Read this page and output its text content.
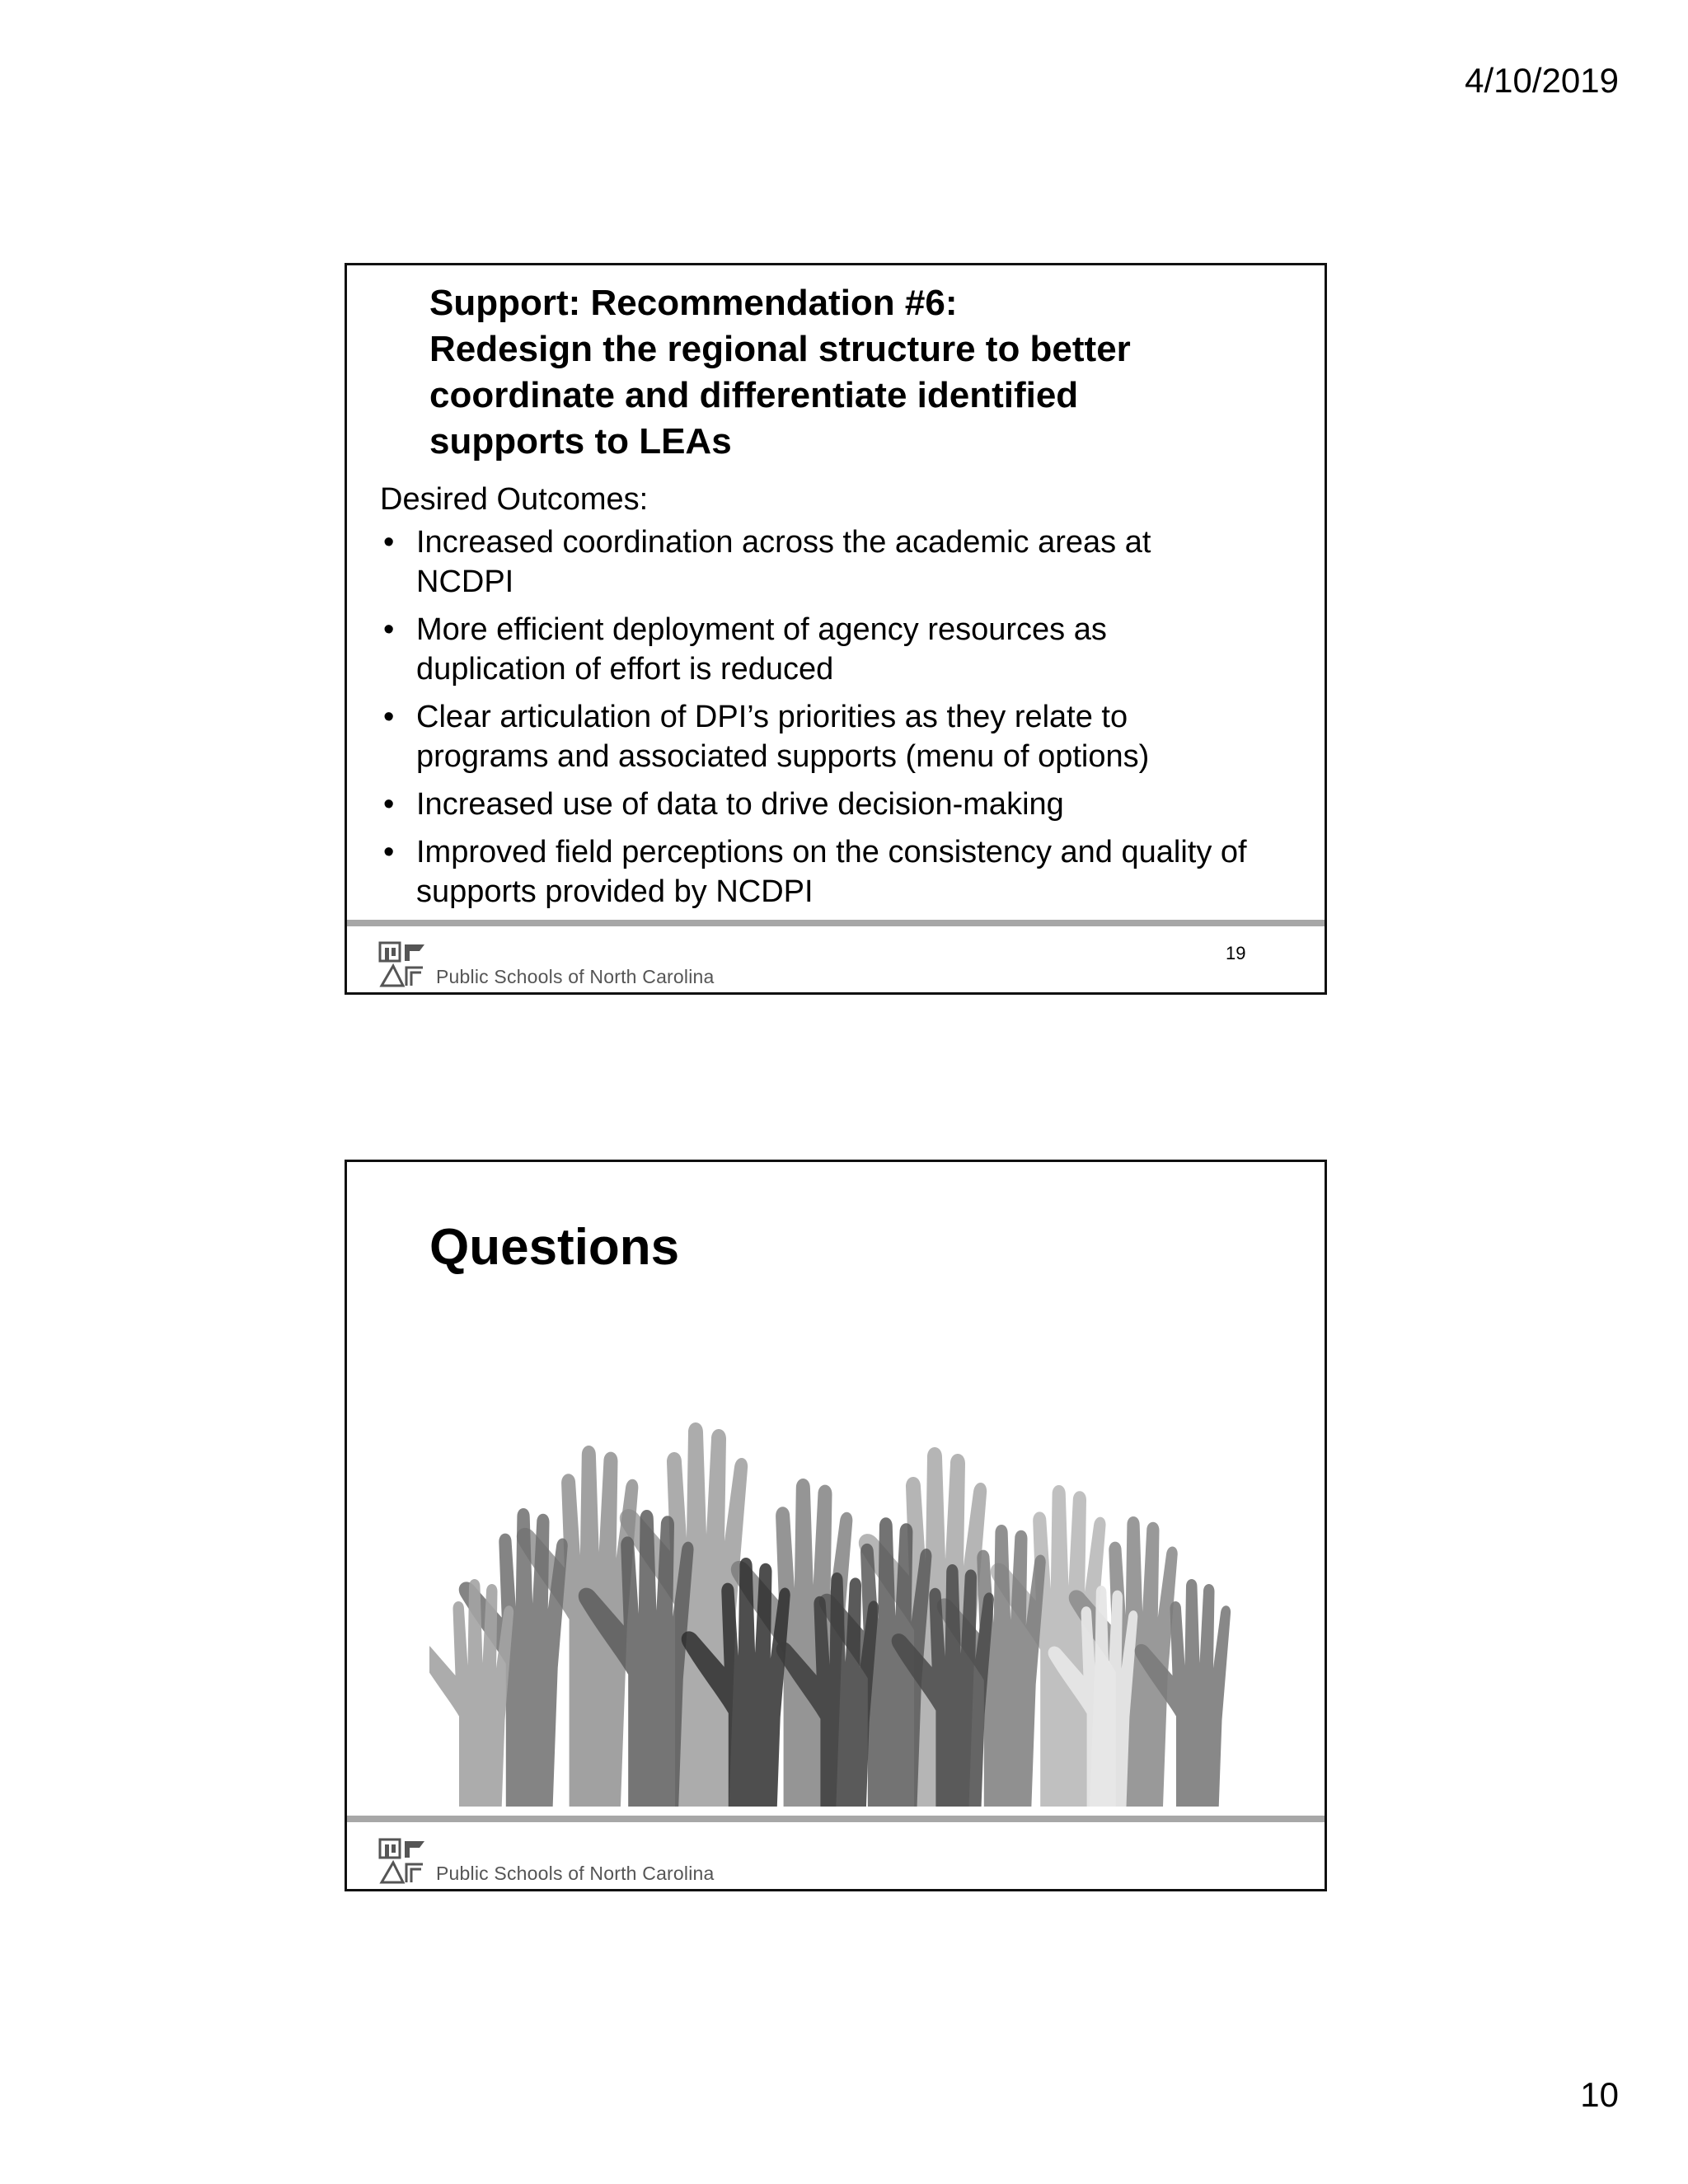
4/10/2019
Support: Recommendation #6:
Redesign the regional structure to better
coordinate and differentiate identified
supports to LEAs
Desired Outcomes:
• Increased coordination across the academic areas at NCDPI
• More efficient deployment of agency resources as duplication of effort is reduced
• Clear articulation of DPI’s priorities as they relate to programs and associated supports (menu of options)
• Increased use of data to drive decision-making
• Improved field perceptions on the consistency and quality of supports provided by NCDPI
Public Schools of North Carolina
19
Questions
Public Schools of North Carolina
10
